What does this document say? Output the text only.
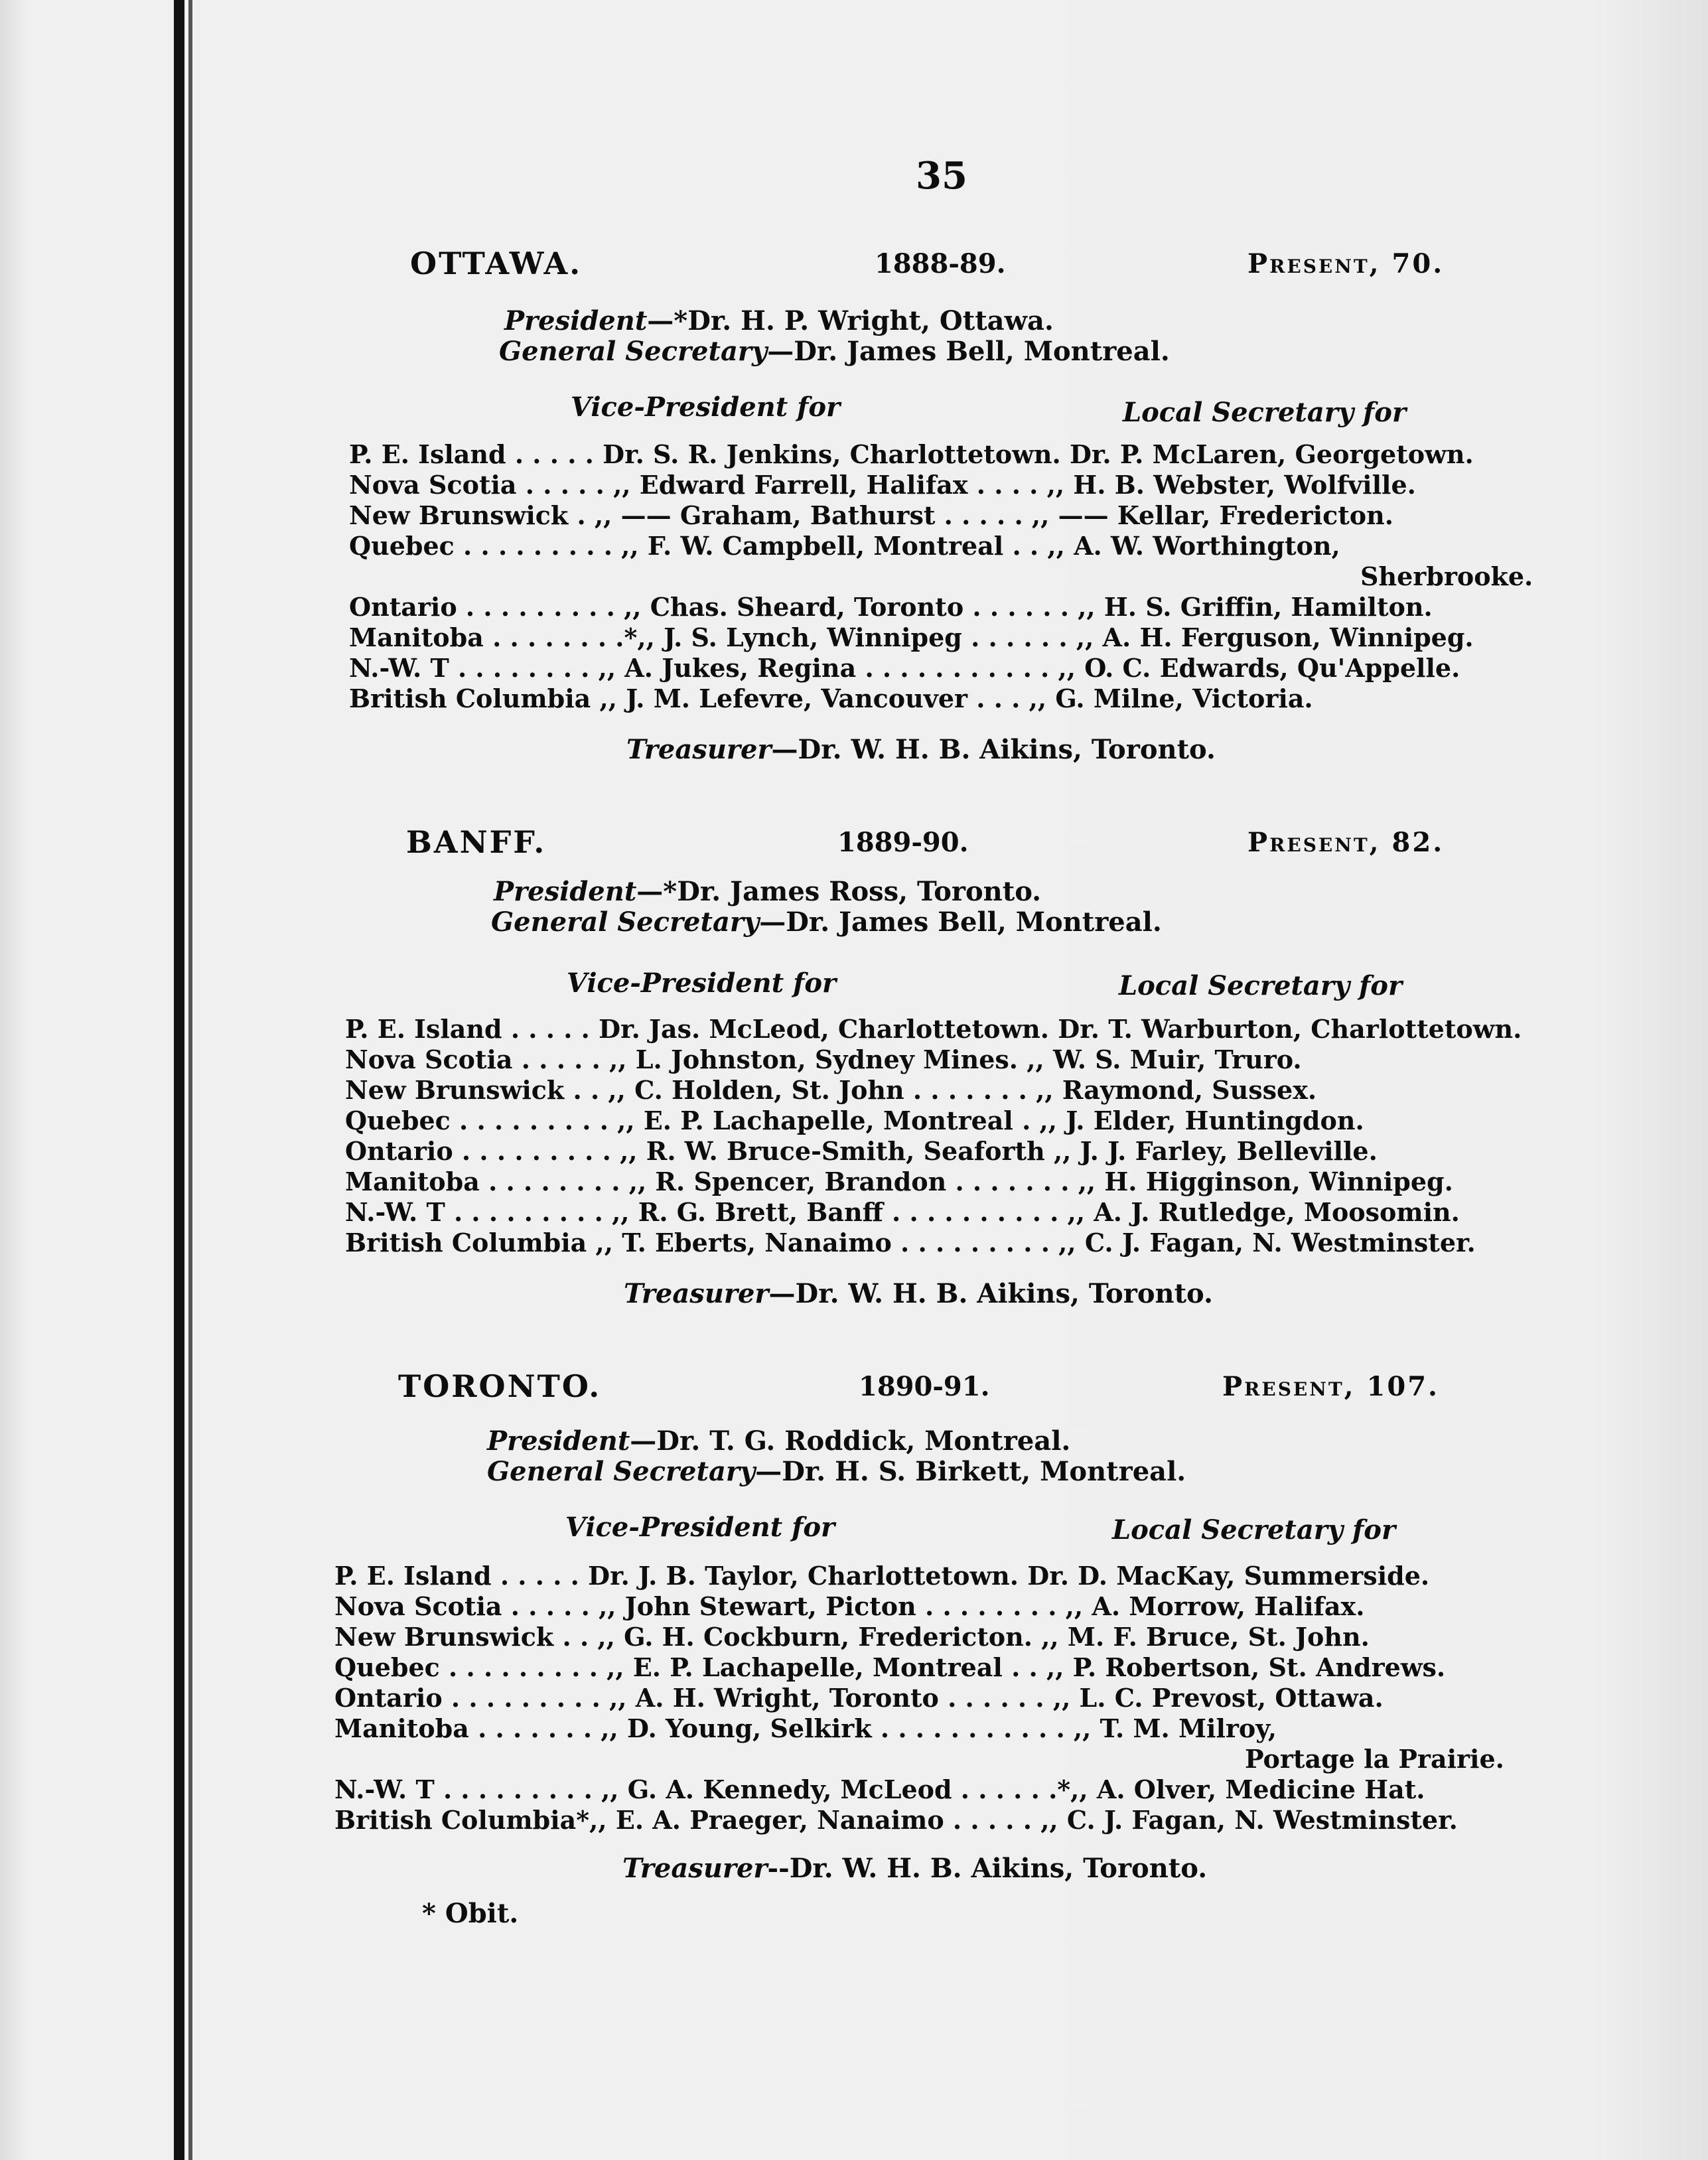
35
OTTAWA.	1888-89.	Present, 70.
President—*Dr. H. P. Wright, Ottawa.
General Secretary—Dr. James Bell, Montreal.
Vice-President for	Local Secretary for
P. E. Island . . . . . Dr. S. R. Jenkins, Charlottetown. Dr. P. McLaren, Georgetown.
Nova Scotia . . . . . ,, Edward Farrell, Halifax . . . . ,, H. B. Webster, Wolfville.
New Brunswick . ,, —— Graham, Bathurst . . . . . ,, —— Kellar, Fredericton.
Quebec . . . . . . . . . ,, F. W. Campbell, Montreal . . ,, A. W. Worthington,
Sherbrooke.
Ontario . . . . . . . . . ,, Chas. Sheard, Toronto . . . . . . ,, H. S. Griffin, Hamilton.
Manitoba . . . . . . . .*,, J. S. Lynch, Winnipeg . . . . . . ,, A. H. Ferguson, Winnipeg.
N.-W. T . . . . . . . . ,, A. Jukes, Regina . . . . . . . . . . . ,, O. C. Edwards, Qu'Appelle.
British Columbia ,, J. M. Lefevre, Vancouver . . . ,, G. Milne, Victoria.
Treasurer—Dr. W. H. B. Aikins, Toronto.
BANFF.	1889-90.	Present, 82.
President—*Dr. James Ross, Toronto.
General Secretary—Dr. James Bell, Montreal.
Vice-President for	Local Secretary for
P. E. Island . . . . . Dr. Jas. McLeod, Charlottetown. Dr. T. Warburton, Charlottetown.
Nova Scotia . . . . . ,, L. Johnston, Sydney Mines. ,, W. S. Muir, Truro.
New Brunswick . . ,, C. Holden, St. John . . . . . . . ,, Raymond, Sussex.
Quebec . . . . . . . . . ,, E. P. Lachapelle, Montreal . ,, J. Elder, Huntingdon.
Ontario . . . . . . . . . ,, R. W. Bruce-Smith, Seaforth ,, J. J. Farley, Belleville.
Manitoba . . . . . . . . ,, R. Spencer, Brandon . . . . . . . ,, H. Higginson, Winnipeg.
N.-W. T . . . . . . . . . ,, R. G. Brett, Banff . . . . . . . . . . ,, A. J. Rutledge, Moosomin.
British Columbia ,, T. Eberts, Nanaimo . . . . . . . . . ,, C. J. Fagan, N. Westminster.
Treasurer—Dr. W. H. B. Aikins, Toronto.
TORONTO.	1890-91.	Present, 107.
President—Dr. T. G. Roddick, Montreal.
General Secretary—Dr. H. S. Birkett, Montreal.
Vice-President for	Local Secretary for
P. E. Island . . . . . Dr. J. B. Taylor, Charlottetown. Dr. D. MacKay, Summerside.
Nova Scotia . . . . . ,, John Stewart, Picton . . . . . . . . ,, A. Morrow, Halifax.
New Brunswick . . ,, G. H. Cockburn, Fredericton. ,, M. F. Bruce, St. John.
Quebec . . . . . . . . . ,, E. P. Lachapelle, Montreal . . ,, P. Robertson, St. Andrews.
Ontario . . . . . . . . . ,, A. H. Wright, Toronto . . . . . . ,, L. C. Prevost, Ottawa.
Manitoba . . . . . . . ,, D. Young, Selkirk . . . . . . . . . . . ,, T. M. Milroy,
Portage la Prairie.
N.-W. T . . . . . . . . . ,, G. A. Kennedy, McLeod . . . . . .*,, A. Olver, Medicine Hat.
British Columbia*,, E. A. Praeger, Nanaimo . . . . . ,, C. J. Fagan, N. Westminster.
Treasurer--Dr. W. H. B. Aikins, Toronto.
* Obit.
